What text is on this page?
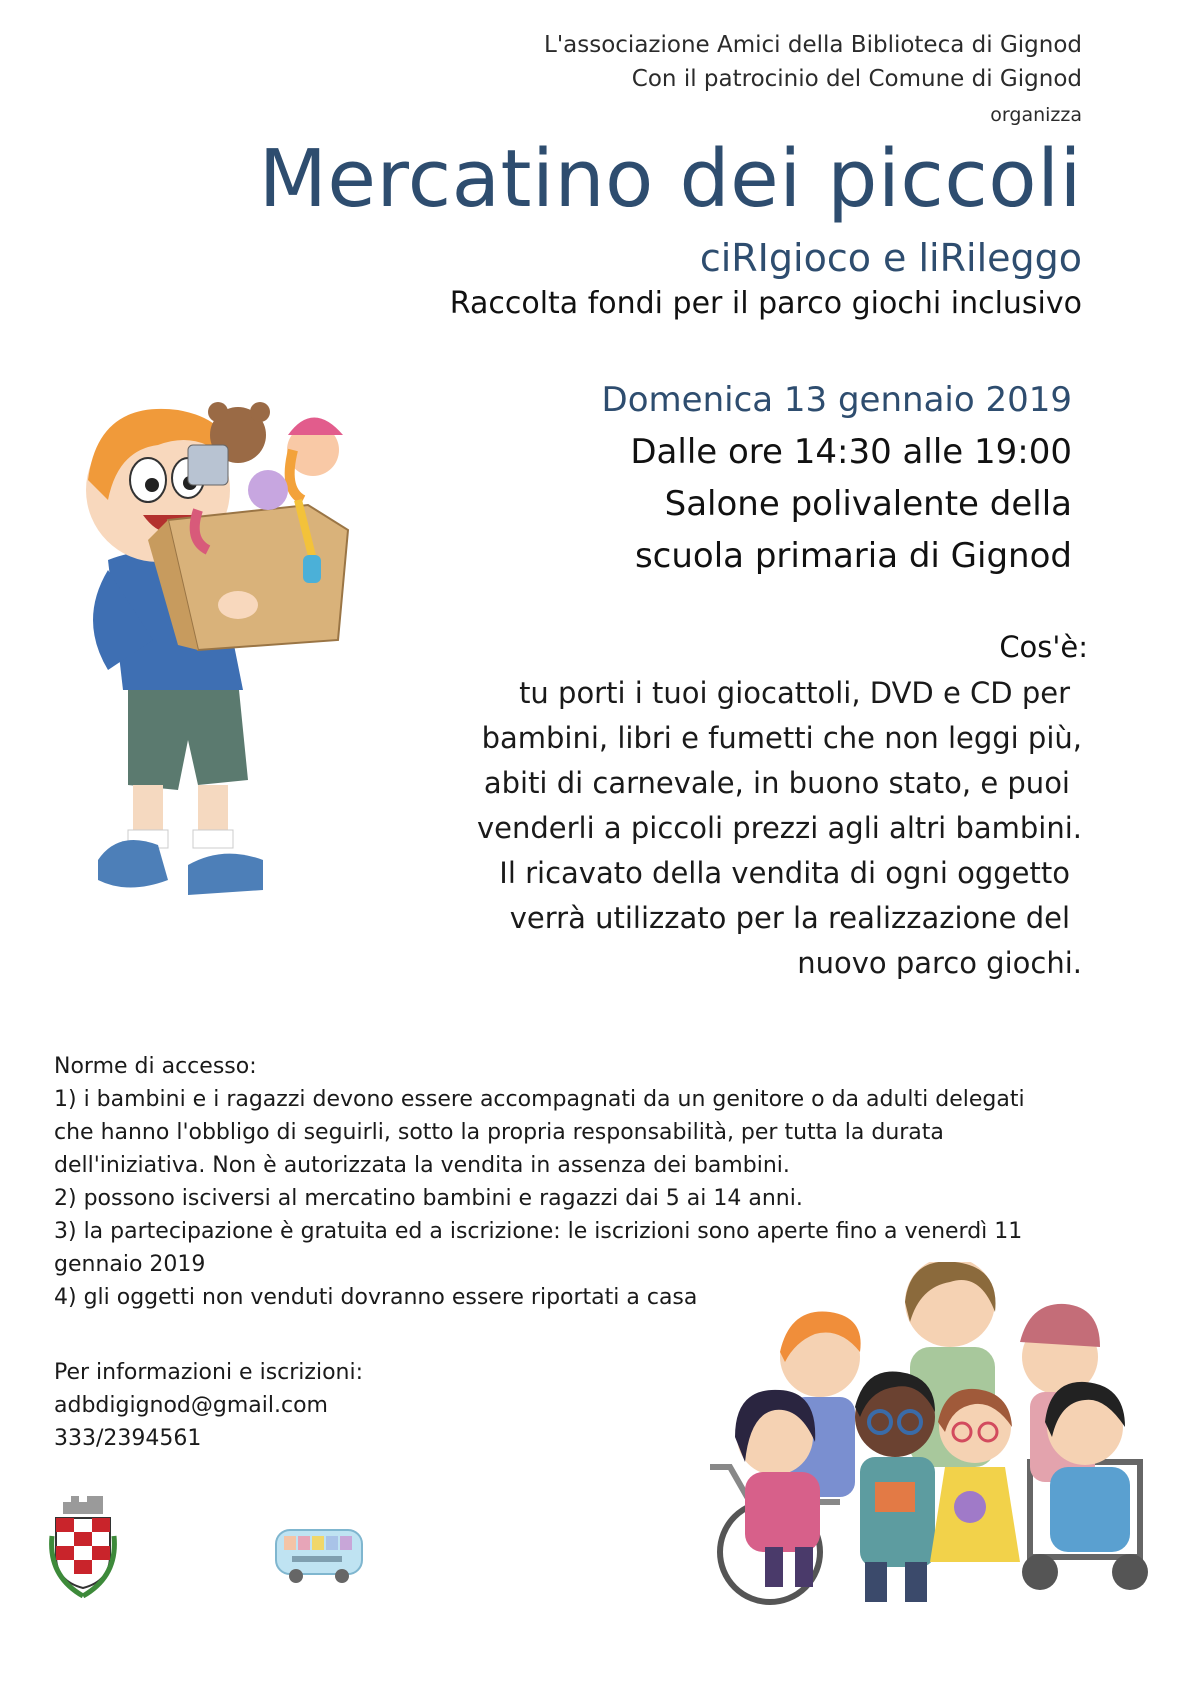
L'associazione Amici della Biblioteca di Gignod
Con il patrocinio del Comune di Gignod
organizza
Mercatino dei piccoli
ciRIgioco e liRileggo
Raccolta fondi per il parco giochi inclusivo
Domenica 13 gennaio 2019
Dalle ore 14:30 alle 19:00
Salone polivalente della
scuola primaria di Gignod
Cos'è:
tu porti i tuoi giocattoli, DVD e CD per
bambini, libri e fumetti che non leggi più,
abiti di carnevale, in buono stato, e puoi
venderli a piccoli prezzi agli altri bambini.
Il ricavato della vendita di ogni oggetto
verrà utilizzato per la realizzazione del
nuovo parco giochi.
Norme di accesso:
1) i bambini e i ragazzi devono essere accompagnati da un genitore o da adulti delegati
che hanno l'obbligo di seguirli, sotto la propria responsabilità, per tutta la durata
dell'iniziativa. Non è autorizzata la vendita in assenza dei bambini.
2) possono isciversi al mercatino bambini e ragazzi dai 5 ai 14 anni.
3) la partecipazione è gratuita ed a iscrizione: le iscrizioni sono aperte fino a venerdì 11
gennaio 2019
4) gli oggetti non venduti dovranno essere riportati a casa
Per informazioni e iscrizioni:
adbdigignod@gmail.com
333/2394561
